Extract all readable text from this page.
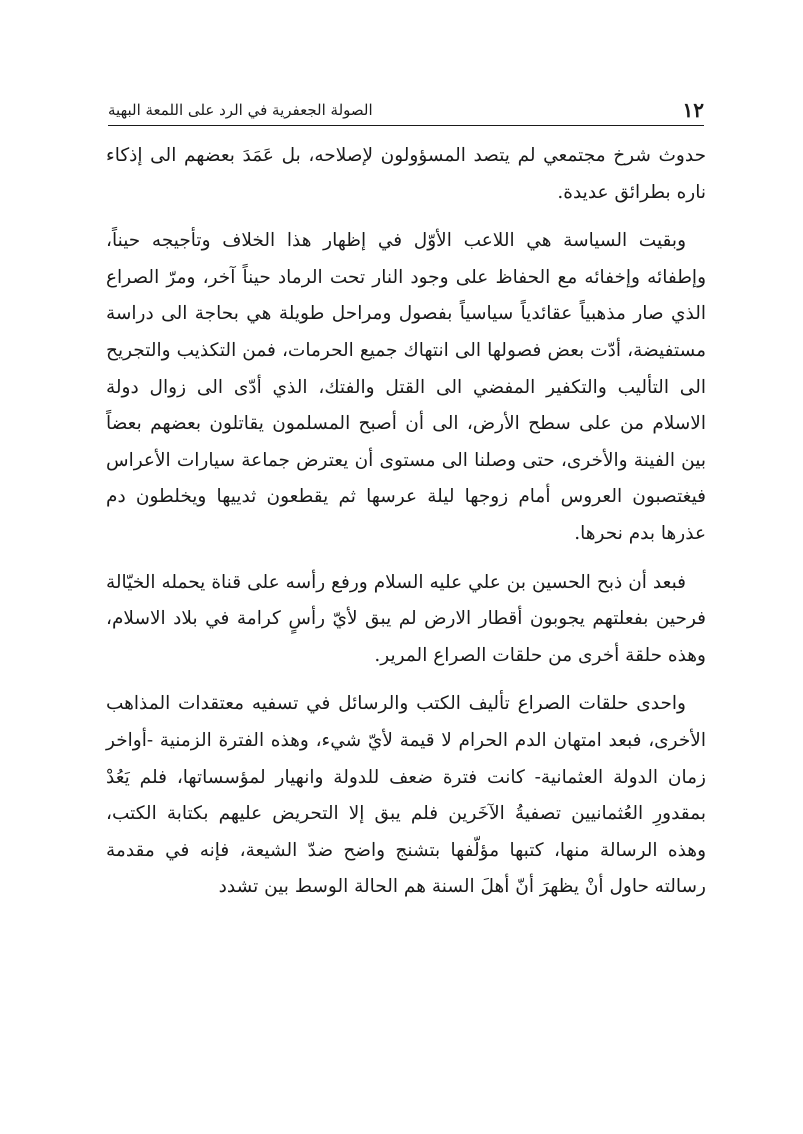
١٢
الصولة الجعفرية في الرد على اللمعة البهية

حدوث شرخ مجتمعي لم يتصد المسؤولون لإصلاحه، بل عَمَدَ بعضهم الى إذكاء ناره بطرائق عديدة.

وبقيت السياسة هي اللاعب الأوّل في إظهار هذا الخلاف وتأجيجه حيناً، وإطفائه وإخفائه مع الحفاظ على وجود النار تحت الرماد حيناً آخر، ومرّ الصراع الذي صار مذهبياً عقائدياً سياسياً بفصول ومراحل طويلة هي بحاجة الى دراسة مستفيضة، أدّت بعض فصولها الى انتهاك جميع الحرمات، فمن التكذيب والتجريح الى التأليب والتكفير المفضي الى القتل والفتك، الذي أدّى الى زوال دولة الاسلام من على سطح الأرض، الى أن أصبح المسلمون يقاتلون بعضهم بعضاً بين الفينة والأخرى، حتى وصلنا الى مستوى أن يعترض جماعة سيارات الأعراس فيغتصبون العروس أمام زوجها ليلة عرسها ثم يقطعون ثدييها ويخلطون دم عذرها بدم نحرها.

فبعد أن ذبح الحسين بن علي عليه السلام ورفع رأسه على قناة يحمله الخيّالة فرحين بفعلتهم يجوبون أقطار الارض لم يبق لأيّ رأسٍ كرامة في بلاد الاسلام، وهذه حلقة أخرى من حلقات الصراع المرير.

واحدى حلقات الصراع تأليف الكتب والرسائل في تسفيه معتقدات المذاهب الأخرى، فبعد امتهان الدم الحرام لا قيمة لأيّ شيء، وهذه الفترة الزمنية -أواخر زمان الدولة العثمانية- كانت فترة ضعف للدولة وانهيار لمؤسساتها، فلم يَعُدْ بمقدورِ العُثمانيين تصفيةُ الآخَرين فلم يبق إلا التحريض عليهم بكتابة الكتب، وهذه الرسالة منها، كتبها مؤلّفها بتشنج واضح ضدّ الشيعة، فإنه في مقدمة رسالته حاول أنْ يظهرَ أنّ أهلَ السنة هم الحالة الوسط بين تشدد
